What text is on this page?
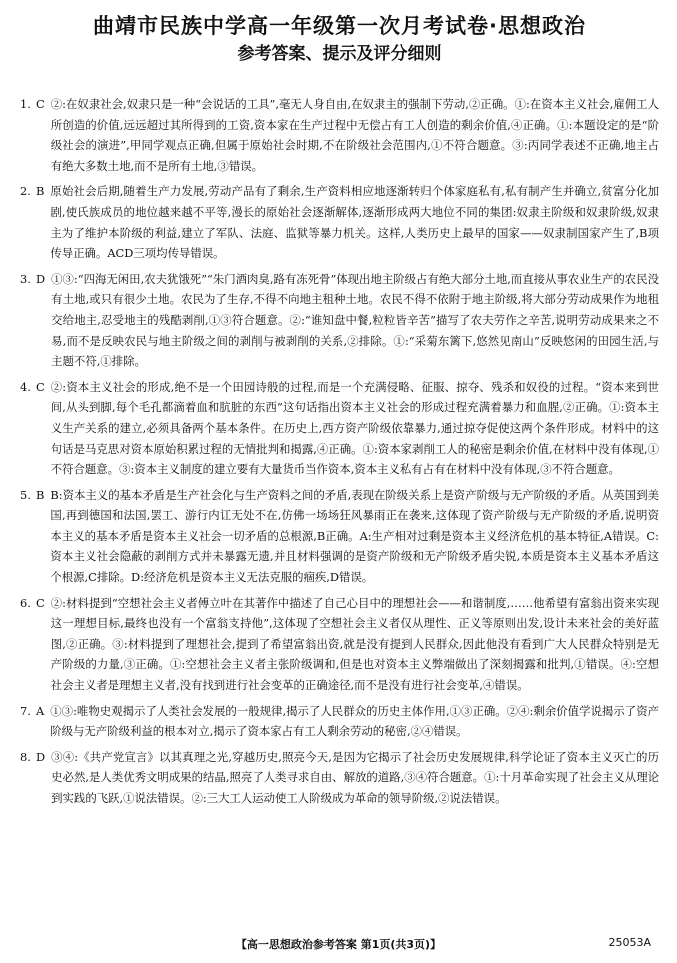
曲靖市民族中学高一年级第一次月考试卷·思想政治
参考答案、提示及评分细则
1. C ②:在奴隶社会,奴隶只是一种“会说话的工具”,毫无人身自由,在奴隶主的强制下劳动,②正确。①:在资本主义社会,雇佣工人所创造的价值,远远超过其所得到的工资,资本家在生产过程中无偿占有工人创造的剩余价值,④正确。①:本题设定的是“阶级社会的演进”,甲同学观点正确,但属于原始社会时期,不在阶级社会范围内,①不符合题意。③:丙同学表述不正确,地主占有绝大多数土地,而不是所有土地,③错误。

2. B 原始社会后期,随着生产力发展,劳动产品有了剩余,生产资料相应地逐渐转归个体家庭私有,私有制产生并确立,贫富分化加剧,使氏族成员的地位越来越不平等,漫长的原始社会逐渐解体,逐渐形成两大地位不同的集团:奴隶主阶级和奴隶阶级,奴隶主为了维护本阶级的利益,建立了军队、法庭、监狱等暴力机关。这样,人类历史上最早的国家——奴隶制国家产生了,B项传导正确。ACD三项均传导错误。

3. D ①③:“四海无闲田,农夫犹饿死”“朱门酒肉臭,路有冻死骨”体现出地主阶级占有绝大部分土地,而直接从事农业生产的农民没有土地,或只有很少土地。农民为了生存,不得不向地主租种土地。农民不得不依附于地主阶级,将大部分劳动成果作为地租交给地主,忍受地主的残酷剥削,①③符合题意。②:“谁知盘中餐,粒粒皆辛苦”描写了农夫劳作之辛苦,说明劳动成果来之不易,而不是反映农民与地主阶级之间的剥削与被剥削的关系,②排除。①:“采菊东篱下,悠然见南山”反映悠闲的田园生活,与主题不符,①排除。

4. C ②:资本主义社会的形成,绝不是一个田园诗般的过程,而是一个充满侵略、征服、掠夺、残杀和奴役的过程。“资本来到世间,从头到脚,每个毛孔都滴着血和肮脏的东西”这句话指出资本主义社会的形成过程充满着暴力和血腥,②正确。①:资本主义生产关系的建立,必须具备两个基本条件。在历史上,西方资产阶级依靠暴力,通过掠夺促使这两个条件形成。材料中的这句话是马克思对资本原始积累过程的无情批判和揭露,④正确。①:资本家剥削工人的秘密是剩余价值,在材料中没有体现,①不符合题意。③:资本主义制度的建立要有大量货币当作资本,资本主义私有占有在材料中没有体现,③不符合题意。

5. B B:资本主义的基本矛盾是生产社会化与生产资料之间的矛盾,表现在阶级关系上是资产阶级与无产阶级的矛盾。从英国到美国,再到德国和法国,罢工、游行内讧无处不在,仿佛一场场狂风暴雨正在袭来,这体现了资产阶级与无产阶级的矛盾,说明资本主义的基本矛盾是资本主义社会一切矛盾的总根源,B正确。A:生产相对过剩是资本主义经济危机的基本特征,A错误。C:资本主义社会隐蔽的剥削方式并未暴露无遗,并且材料强调的是资产阶级和无产阶级矛盾尖锐,本质是资本主义基本矛盾这个根源,C排除。D:经济危机是资本主义无法克服的痼疾,D错误。

6. C ②:材料提到“空想社会主义者傅立叶在其著作中描述了自己心目中的理想社会——和谐制度,……他希望有富翁出资来实现这一理想目标,最终也没有一个富翁支持他”,这体现了空想社会主义者仅从理性、正义等原则出发,设计未来社会的美好蓝图,②正确。③:材料提到了理想社会,提到了希望富翁出资,就是没有提到人民群众,因此他没有看到广大人民群众特别是无产阶级的力量,③正确。①:空想社会主义者主张阶级调和,但是也对资本主义弊端做出了深刻揭露和批判,①错误。④:空想社会主义者是理想主义者,没有找到进行社会变革的正确途径,而不是没有进行社会变革,④错误。

7. A ①③:唯物史观揭示了人类社会发展的一般规律,揭示了人民群众的历史主体作用,①③正确。②④:剩余价值学说揭示了资产阶级与无产阶级利益的根本对立,揭示了资本家占有工人剩余劳动的秘密,②④错误。

8. D ③④:《共产党宣言》以其真理之光,穿越历史,照亮今天,是因为它揭示了社会历史发展规律,科学论证了资本主义灭亡的历史必然,是人类优秀文明成果的结晶,照亮了人类寻求自由、解放的道路,③④符合题意。①:十月革命实现了社会主义从理论到实践的飞跃,①说法错误。②:三大工人运动使工人阶级成为革命的领导阶级,②说法错误。

【高一思想政治参考答案 第1页(共3页)】	25053A
